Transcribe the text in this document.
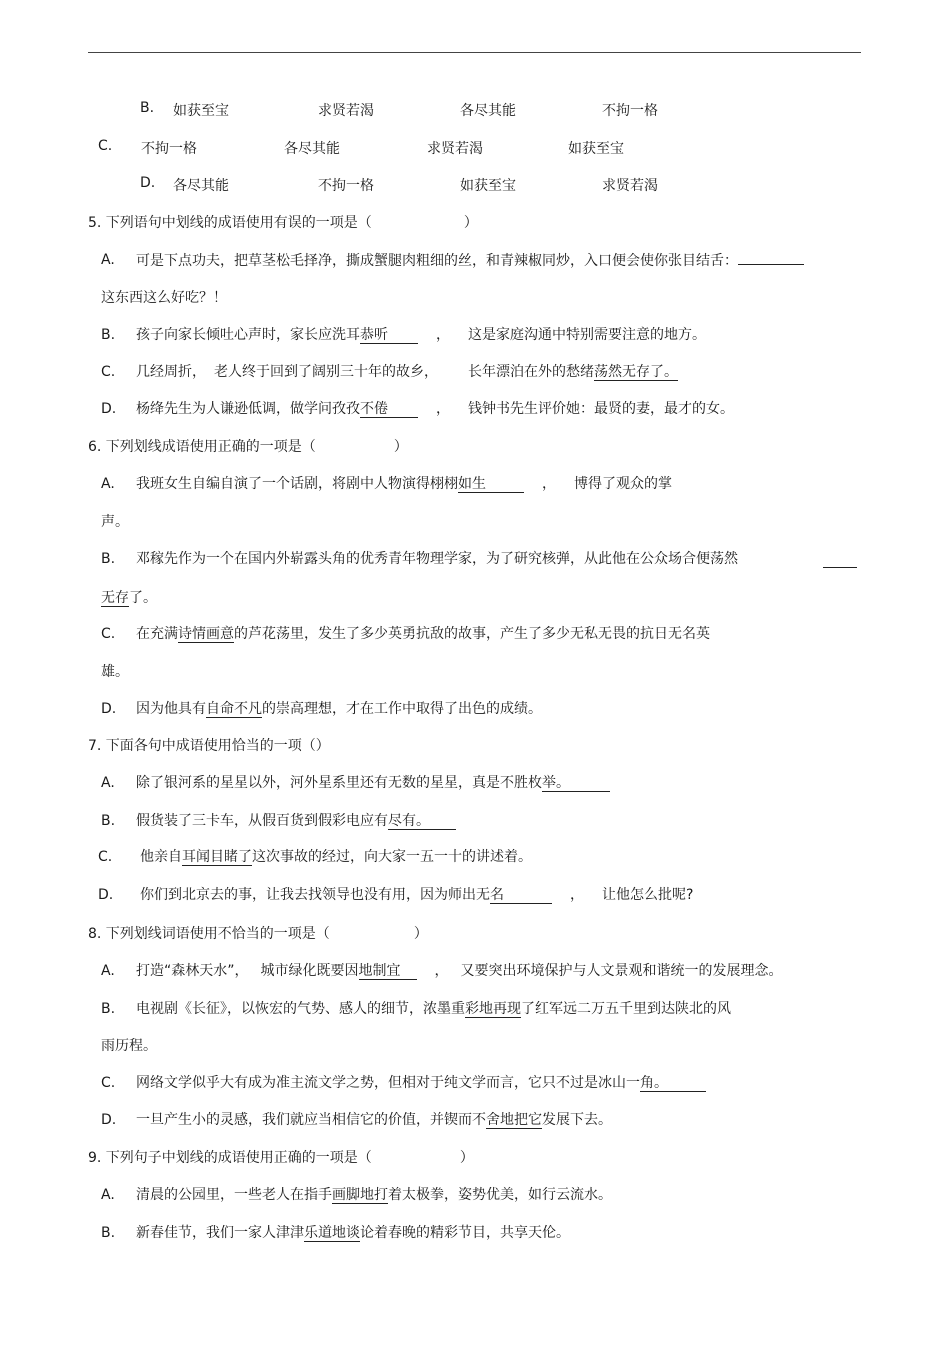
B. 如获至宝	求贤若渴	各尽其能	不拘一格
C. 不拘一格	各尽其能	求贤若渴	如获至宝
D. 各尽其能	不拘一格	如获至宝	求贤若渴
5. 下列语句中划线的成语使用有误的一项是（	）
A. 可是下点功夫，把草茎松毛择净，撕成蟹腿肉粗细的丝，和青辣椒同炒，入口便会使你张目结舌：
这东西这么好吃？！
B. 孩子向家长倾吐心声时，家长应洗耳恭听	， 这是家庭沟通中特别需要注意的地方。
C. 几经周折， 老人终于回到了阔别三十年的故乡， 长年漂泊在外的愁绪荡然无存了。
D. 杨绛先生为人谦逊低调，做学问孜孜不倦	， 钱钟书先生评价她：最贤的妻，最才的女。
6. 下列划线成语使用正确的一项是（	）
A. 我班女生自编自演了一个话剧，将剧中人物演得栩栩如生	， 博得了观众的掌
声。
B. 邓稼先作为一个在国内外崭露头角的优秀青年物理学家，为了研究核弹，从此他在公众场合便荡然
无存了。
C. 在充满诗情画意的芦花荡里，发生了多少英勇抗敌的故事，产生了多少无私无畏的抗日无名英
雄。
D. 因为他具有自命不凡的崇高理想，才在工作中取得了出色的成绩。
7. 下面各句中成语使用恰当的一项（）
A. 除了银河系的星星以外，河外星系里还有无数的星星，真是不胜枚举。
B. 假货装了三卡车，从假百货到假彩电应有尽有。
C. 他亲自耳闻目睹了这次事故的经过，向大家一五一十的讲述着。
D. 你们到北京去的事，让我去找领导也没有用，因为师出无名	， 让他怎么批呢?
8. 下列划线词语使用不恰当的一项是（	）
A. 打造“森林天水”， 城市绿化既要因地制宜 ， 又要突出环境保护与人文景观和谐统一的发展理念。
B. 电视剧《长征》，以恢宏的气势、感人的细节，浓墨重彩地再现了红军远二万五千里到达陕北的风
雨历程。
C. 网络文学似乎大有成为准主流文学之势，但相对于纯文学而言，它只不过是冰山一角。
D. 一旦产生小的灵感，我们就应当相信它的价值，并锲而不舍地把它发展下去。
9. 下列句子中划线的成语使用正确的一项是（	）
A. 清晨的公园里，一些老人在指手画脚地打着太极拳，姿势优美，如行云流水。
B. 新春佳节，我们一家人津津乐道地谈论着春晚的精彩节目，共享天伦。
